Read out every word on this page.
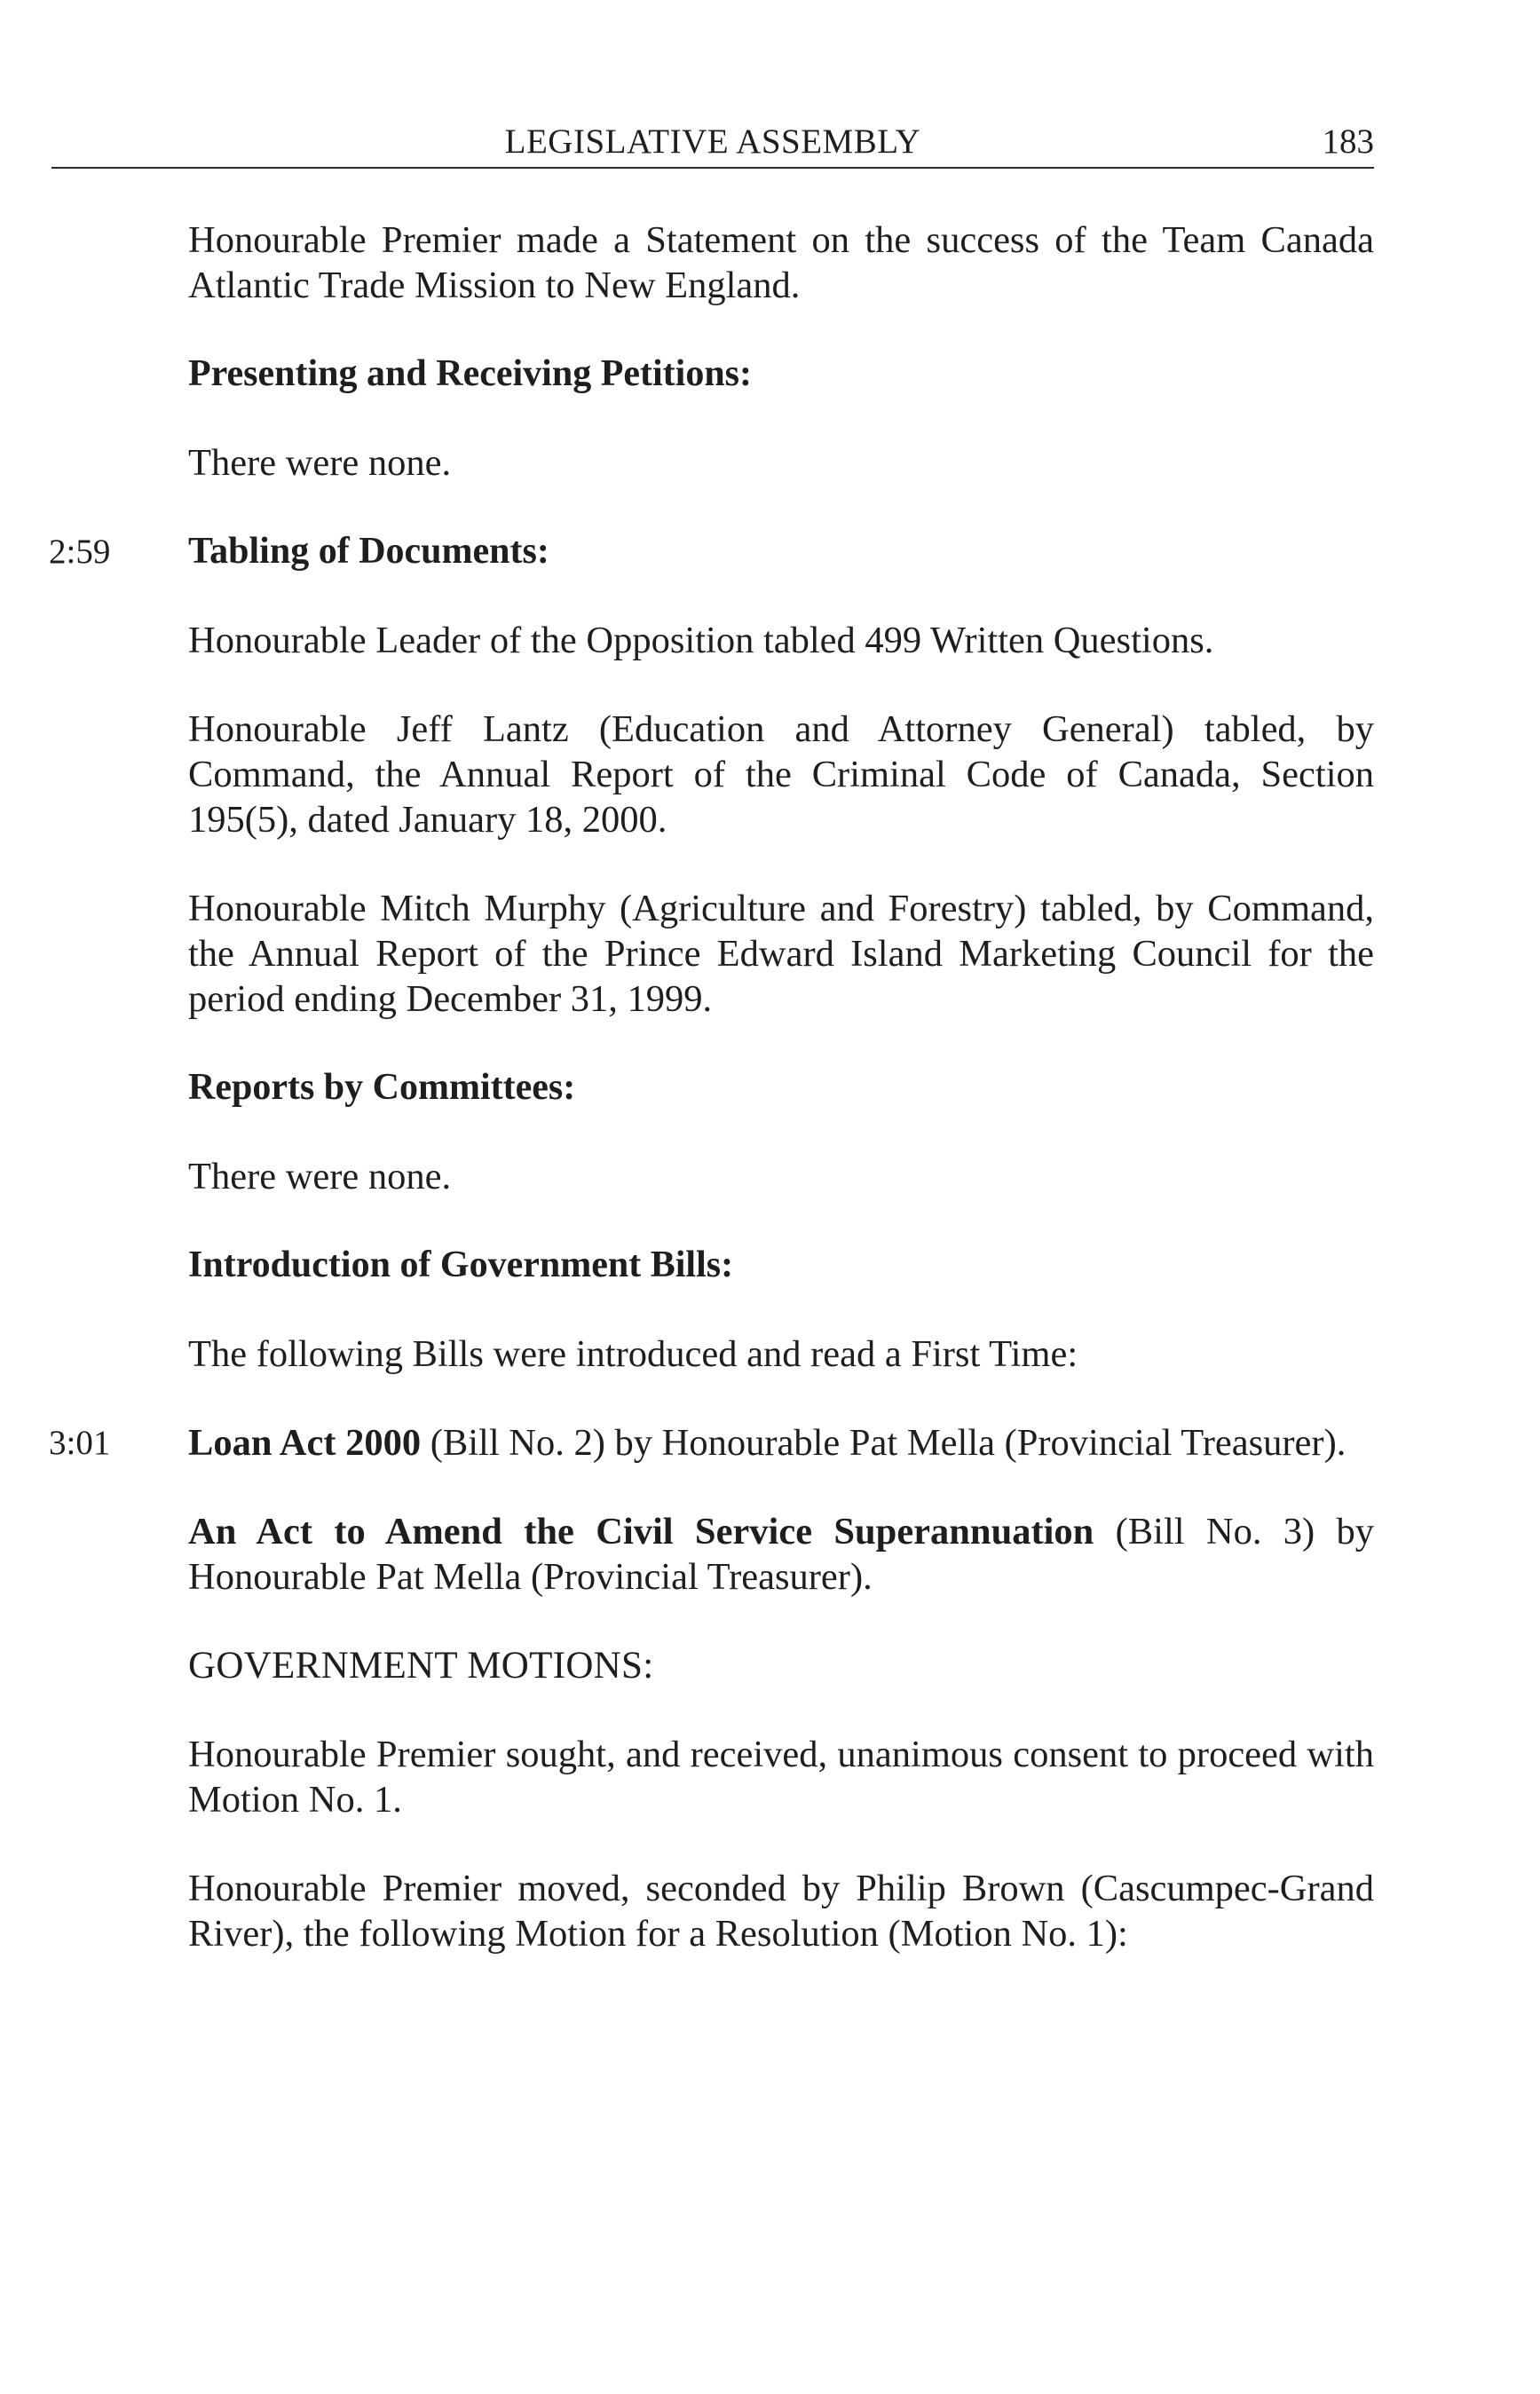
LEGISLATIVE ASSEMBLY	183

Honourable Premier made a Statement on the success of the Team Canada Atlantic Trade Mission to New England.

Presenting and Receiving Petitions:

There were none.

2:59	Tabling of Documents:

Honourable Leader of the Opposition tabled 499 Written Questions.

Honourable Jeff Lantz (Education and Attorney General) tabled, by Command, the Annual Report of the Criminal Code of Canada, Section 195(5), dated January 18, 2000.

Honourable Mitch Murphy (Agriculture and Forestry) tabled, by Command, the Annual Report of the Prince Edward Island Marketing Council for the period ending December 31, 1999.

Reports by Committees:

There were none.

Introduction of Government Bills:

The following Bills were introduced and read a First Time:

3:01	Loan Act 2000 (Bill No. 2) by Honourable Pat Mella (Provincial Treasurer).

An Act to Amend the Civil Service Superannuation (Bill No. 3) by Honourable Pat Mella (Provincial Treasurer).

GOVERNMENT MOTIONS:

Honourable Premier sought, and received, unanimous consent to proceed with Motion No. 1.

Honourable Premier moved, seconded by Philip Brown (Cascumpec-Grand River), the following Motion for a Resolution (Motion No. 1):
